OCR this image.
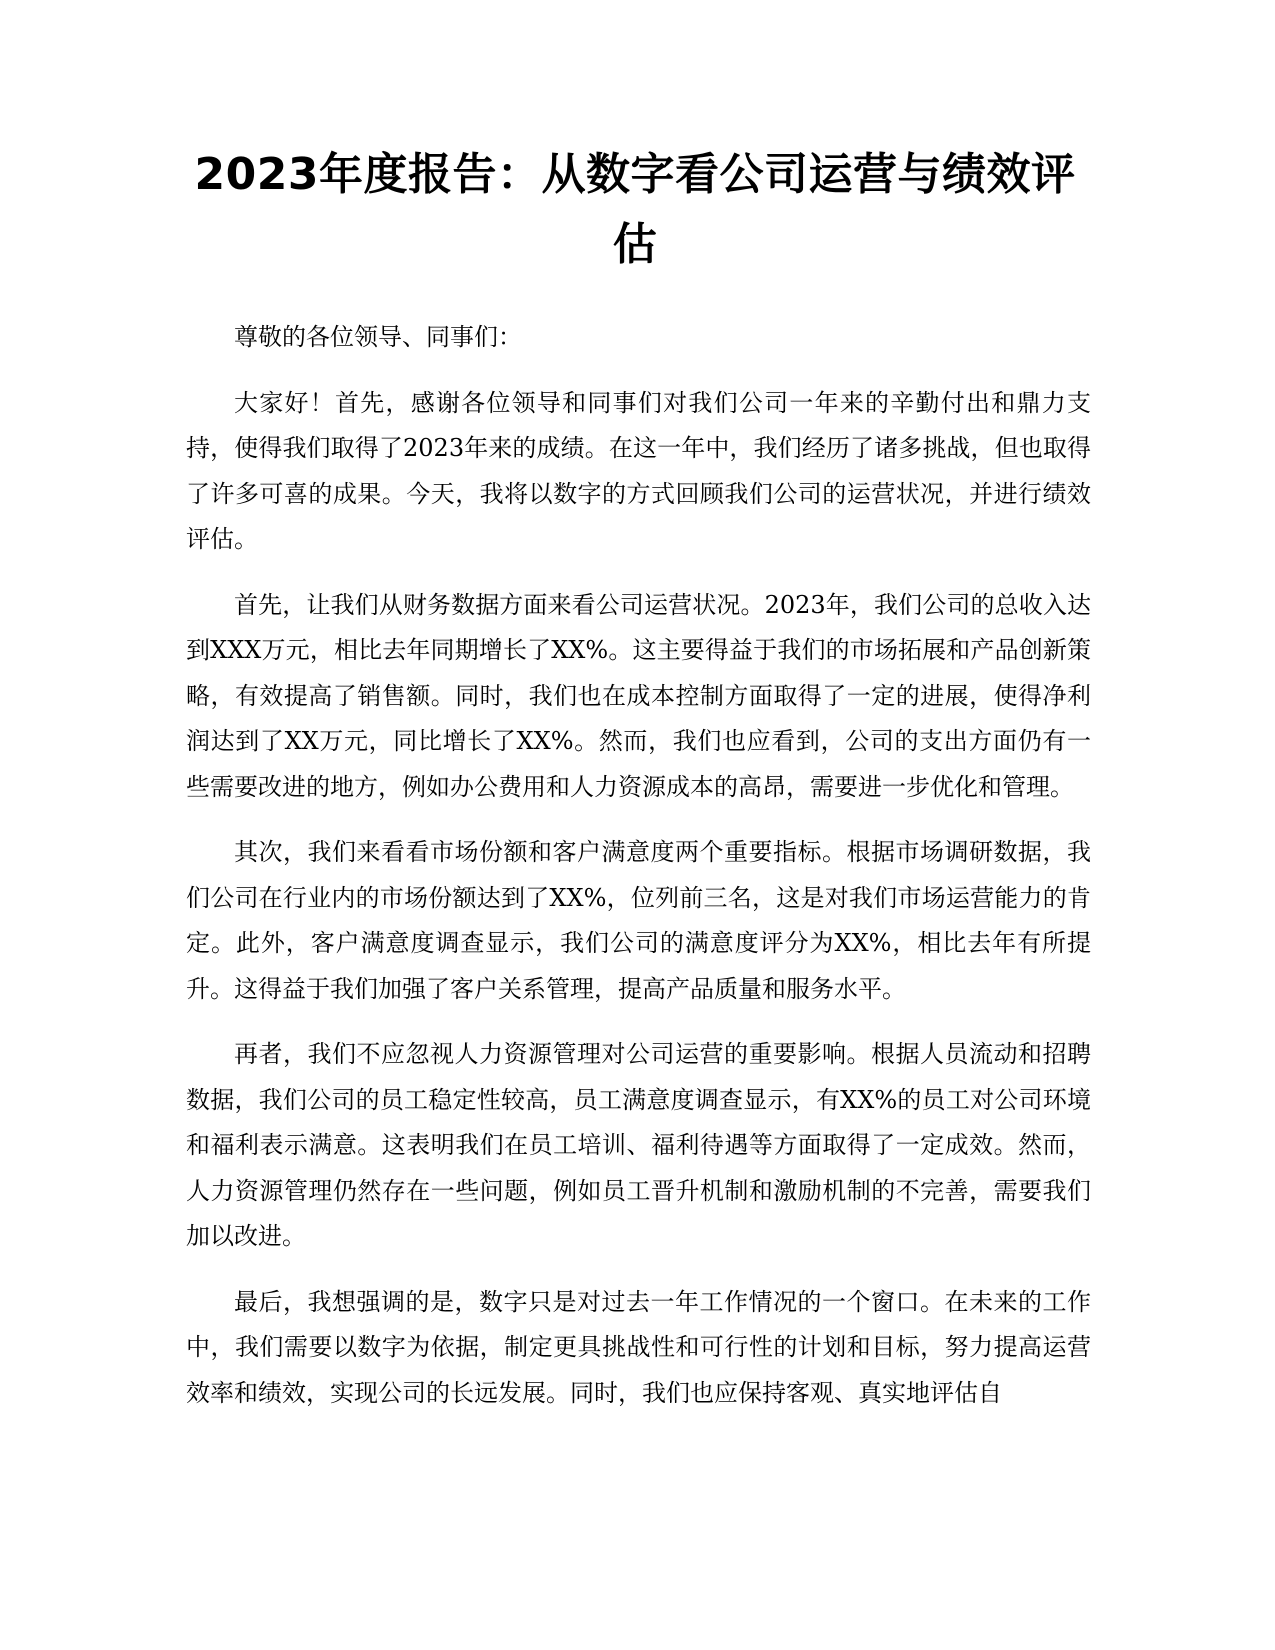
2023年度报告：从数字看公司运营与绩效评估

尊敬的各位领导、同事们：

大家好！首先，感谢各位领导和同事们对我们公司一年来的辛勤付出和鼎力支持，使得我们取得了2023年来的成绩。在这一年中，我们经历了诸多挑战，但也取得了许多可喜的成果。今天，我将以数字的方式回顾我们公司的运营状况，并进行绩效评估。

首先，让我们从财务数据方面来看公司运营状况。2023年，我们公司的总收入达到XXX万元，相比去年同期增长了XX%。这主要得益于我们的市场拓展和产品创新策略，有效提高了销售额。同时，我们也在成本控制方面取得了一定的进展，使得净利润达到了XX万元，同比增长了XX%。然而，我们也应看到，公司的支出方面仍有一些需要改进的地方，例如办公费用和人力资源成本的高昂，需要进一步优化和管理。

其次，我们来看看市场份额和客户满意度两个重要指标。根据市场调研数据，我们公司在行业内的市场份额达到了XX%，位列前三名，这是对我们市场运营能力的肯定。此外，客户满意度调查显示，我们公司的满意度评分为XX%，相比去年有所提升。这得益于我们加强了客户关系管理，提高产品质量和服务水平。

再者，我们不应忽视人力资源管理对公司运营的重要影响。根据人员流动和招聘数据，我们公司的员工稳定性较高，员工满意度调查显示，有XX%的员工对公司环境和福利表示满意。这表明我们在员工培训、福利待遇等方面取得了一定成效。然而，人力资源管理仍然存在一些问题，例如员工晋升机制和激励机制的不完善，需要我们加以改进。

最后，我想强调的是，数字只是对过去一年工作情况的一个窗口。在未来的工作中，我们需要以数字为依据，制定更具挑战性和可行性的计划和目标，努力提高运营效率和绩效，实现公司的长远发展。同时，我们也应保持客观、真实地评估自
